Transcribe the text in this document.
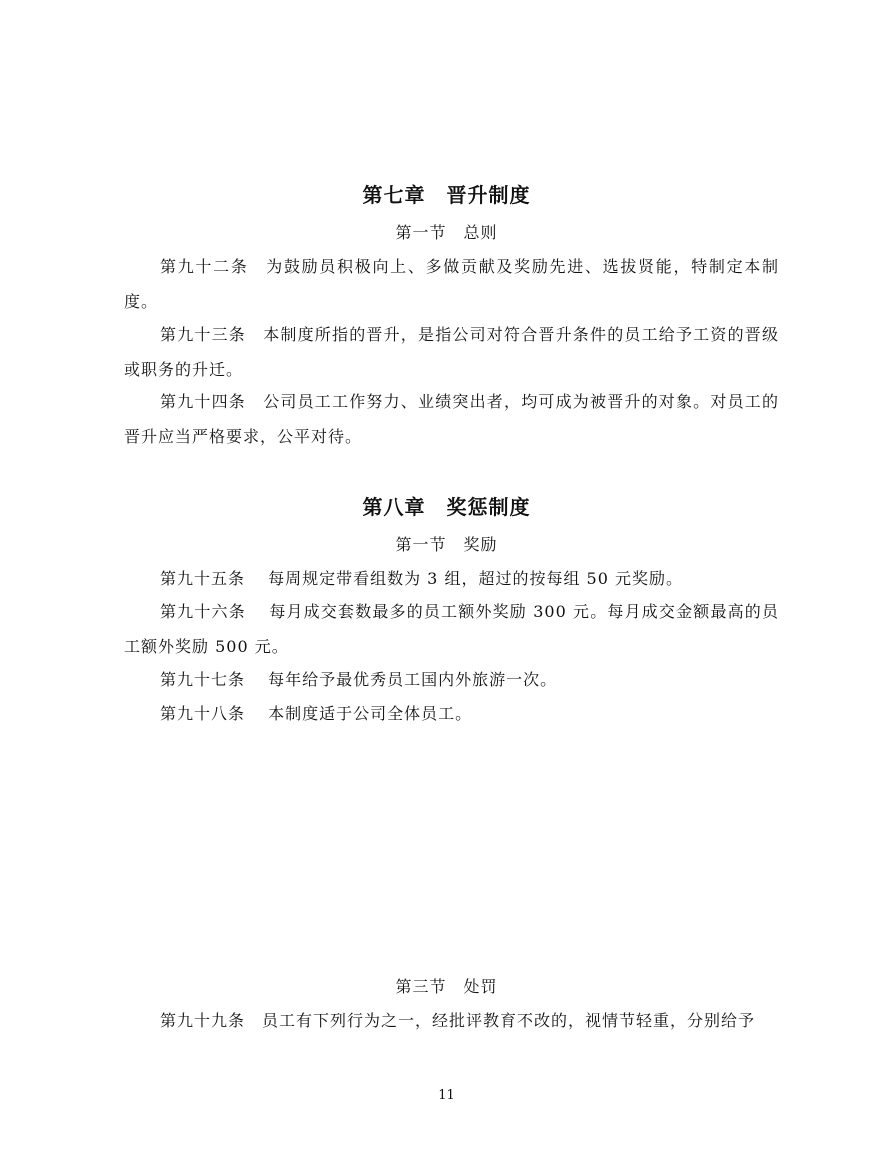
第七章　晋升制度
第一节　总则
第九十二条　为鼓励员积极向上、多做贡献及奖励先进、选拔贤能，特制定本制度。
第九十三条　本制度所指的晋升，是指公司对符合晋升条件的员工给予工资的晋级或职务的升迁。
第九十四条　公司员工工作努力、业绩突出者，均可成为被晋升的对象。对员工的晋升应当严格要求，公平对待。
第八章　奖惩制度
第一节　奖励
第九十五条　 每周规定带看组数为 3 组，超过的按每组 50 元奖励。
第九十六条　 每月成交套数最多的员工额外奖励 300 元。每月成交金额最高的员工额外奖励 500 元。
第九十七条　 每年给予最优秀员工国内外旅游一次。
第九十八条　 本制度适于公司全体员工。
第三节　处罚
第九十九条　员工有下列行为之一，经批评教育不改的，视情节轻重，分别给予
11
